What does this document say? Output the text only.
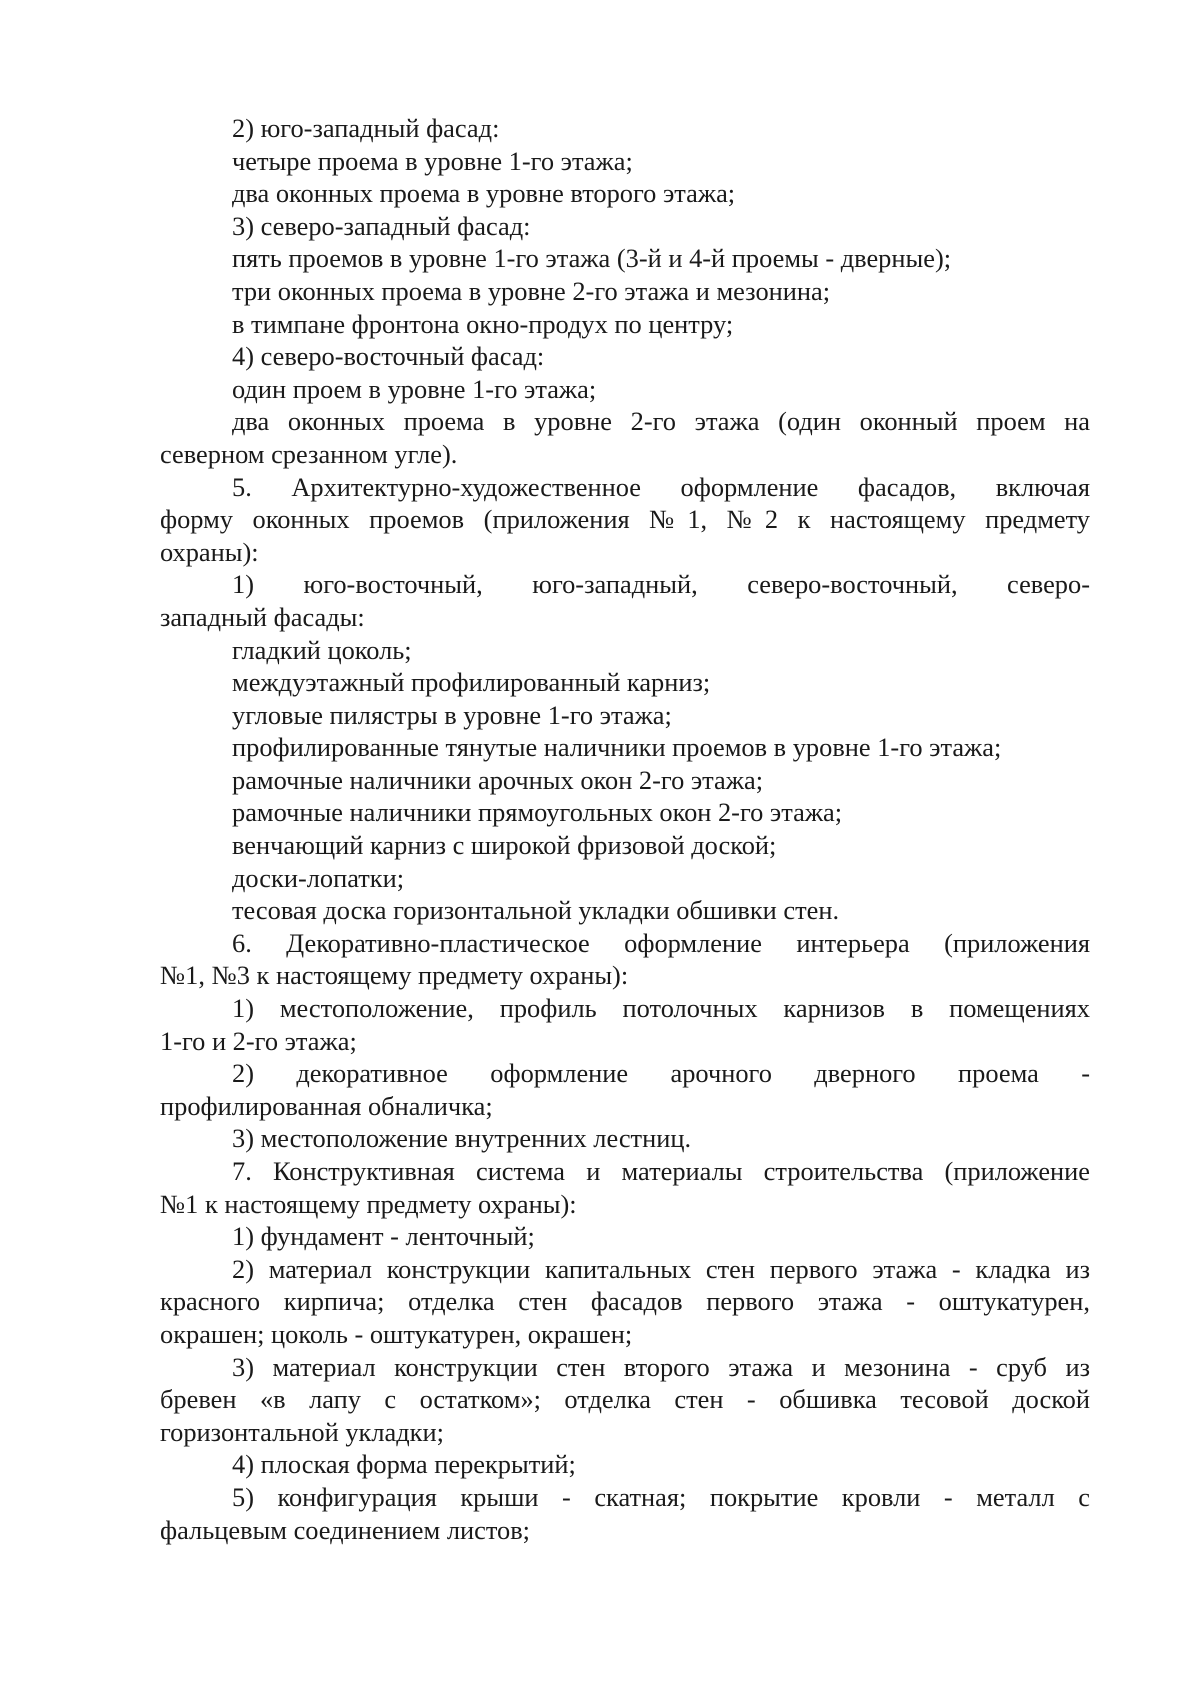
2) юго-западный фасад:
четыре проема в уровне 1-го этажа;
два оконных проема в уровне второго этажа;
3) северо-западный фасад:
пять проемов в уровне 1-го этажа (3-й и 4-й проемы - дверные);
три оконных проема в уровне 2-го этажа и мезонина;
в тимпане фронтона окно-продух по центру;
4) северо-восточный фасад:
один проем в уровне 1-го этажа;
два оконных проема в уровне 2-го этажа (один оконный проем на
северном срезанном угле).
5. Архитектурно-художественное оформление фасадов, включая
форму оконных проемов (приложения №1, №2 к настоящему предмету
охраны):
1) юго-восточный, юго-западный, северо-восточный, северо-
западный фасады:
гладкий цоколь;
междуэтажный профилированный карниз;
угловые пилястры в уровне 1-го этажа;
профилированные тянутые наличники проемов в уровне 1-го этажа;
рамочные наличники арочных окон 2-го этажа;
рамочные наличники прямоугольных окон 2-го этажа;
венчающий карниз с широкой фризовой доской;
доски-лопатки;
тесовая доска горизонтальной укладки обшивки стен.
6. Декоративно-пластическое оформление интерьера (приложения
№1, №3 к настоящему предмету охраны):
1) местоположение, профиль потолочных карнизов в помещениях
1-го и 2-го этажа;
2) декоративное оформление арочного дверного проема -
профилированная обналичка;
3) местоположение внутренних лестниц.
7. Конструктивная система и материалы строительства (приложение
№1 к настоящему предмету охраны):
1) фундамент - ленточный;
2) материал конструкции капитальных стен первого этажа - кладка из
красного кирпича; отделка стен фасадов первого этажа - оштукатурен,
окрашен; цоколь - оштукатурен, окрашен;
3) материал конструкции стен второго этажа и мезонина - сруб из
бревен «в лапу с остатком»; отделка стен - обшивка тесовой доской
горизонтальной укладки;
4) плоская форма перекрытий;
5) конфигурация крыши - скатная; покрытие кровли - металл с
фальцевым соединением листов;
